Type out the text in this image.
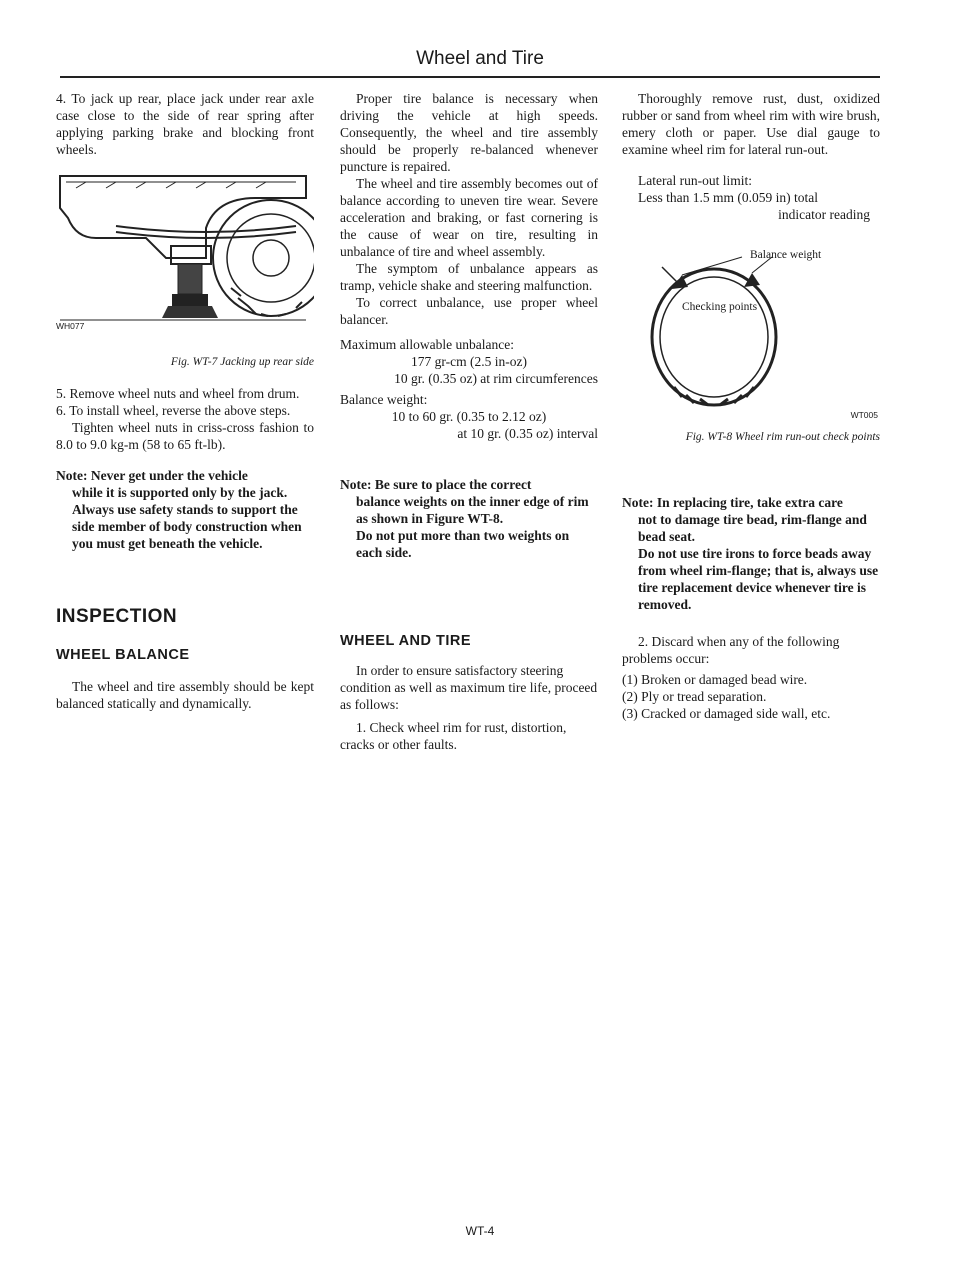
Wheel and Tire

4. To jack up rear, place jack under rear axle case close to the side of rear spring after applying parking brake and blocking front wheels.

WH077

Fig. WT-7 Jacking up rear side

5. Remove wheel nuts and wheel from drum.

6. To install wheel, reverse the above steps.

Tighten wheel nuts in criss-cross fashion to 8.0 to 9.0 kg-m (58 to 65 ft-lb).

Note: Never get under the vehicle

while it is supported only by the jack. Always use safety stands to support the side member of body construction when you must get beneath the vehicle.

INSPECTION

WHEEL BALANCE

The wheel and tire assembly should be kept balanced statically and dynamically.

Proper tire balance is necessary when driving the vehicle at high speeds. Consequently, the wheel and tire assembly should be properly re-balanced whenever puncture is repaired.

The wheel and tire assembly becomes out of balance according to uneven tire wear. Severe acceleration and braking, or fast cornering is the cause of wear on tire, resulting in unbalance of tire and wheel assembly.

The symptom of unbalance appears as tramp, vehicle shake and steering malfunction.

To correct unbalance, use proper wheel balancer.

Maximum allowable unbalance:

177 gr-cm (2.5 in-oz)

10 gr. (0.35 oz) at rim circumferences

Balance weight:

10 to 60 gr. (0.35 to 2.12 oz)

at 10 gr. (0.35 oz) interval

Note: Be sure to place the correct

balance weights on the inner edge of rim as shown in Figure WT-8.

Do not put more than two weights on each side.

WHEEL AND TIRE

In order to ensure satisfactory steering condition as well as maximum tire life, proceed as follows:

1. Check wheel rim for rust, distortion, cracks or other faults.

Thoroughly remove rust, dust, oxidized rubber or sand from wheel rim with wire brush, emery cloth or paper. Use dial gauge to examine wheel rim for lateral run-out.

Lateral run-out limit:

Less than 1.5 mm (0.059 in) total

indicator reading

Balance weight
Checking points
WT005

Fig. WT-8 Wheel rim run-out check points

Note: In replacing tire, take extra care

not to damage tire bead, rim-flange and bead seat.

Do not use tire irons to force beads away from wheel rim-flange; that is, always use tire replacement device whenever tire is removed.

2. Discard when any of the following problems occur:

(1) Broken or damaged bead wire.

(2) Ply or tread separation.

(3) Cracked or damaged side wall, etc.

WT-4
